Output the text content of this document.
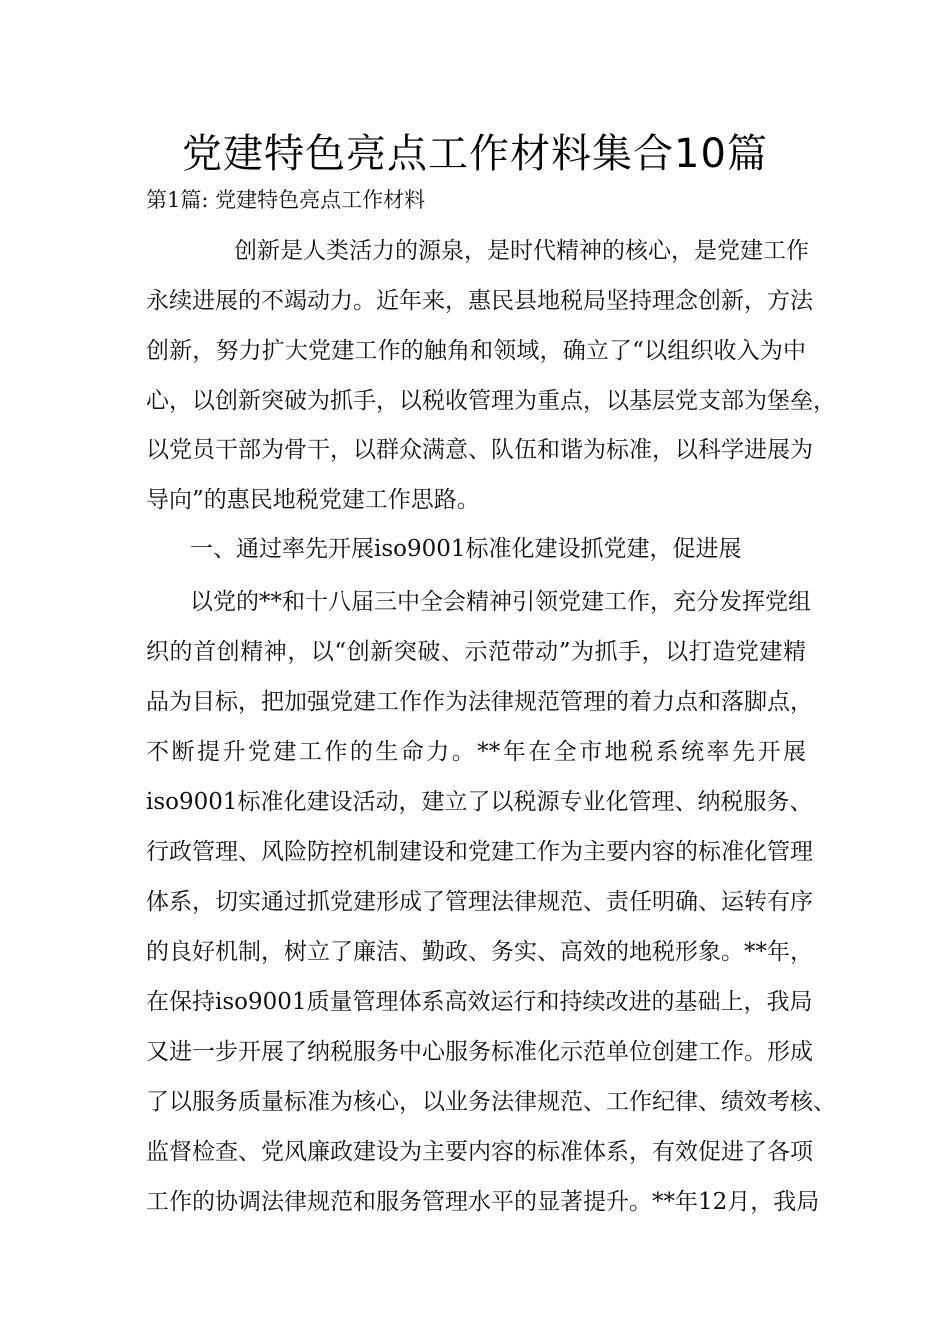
党建特色亮点工作材料集合10篇
第1篇: 党建特色亮点工作材料
创新是人类活力的源泉，是时代精神的核心，是党建工作
永续进展的不竭动力。近年来，惠民县地税局坚持理念创新，方法
创新，努力扩大党建工作的触角和领域，确立了“以组织收入为中
心，以创新突破为抓手，以税收管理为重点，以基层党支部为堡垒，
以党员干部为骨干，以群众满意、队伍和谐为标准，以科学进展为
导向”的惠民地税党建工作思路。
一、通过率先开展iso9001标准化建设抓党建，促进展
以党的**和十八届三中全会精神引领党建工作，充分发挥党组
织的首创精神，以“创新突破、示范带动”为抓手，以打造党建精
品为目标，把加强党建工作作为法律规范管理的着力点和落脚点，
不断提升党建工作的生命力。**年在全市地税系统率先开展
iso9001标准化建设活动，建立了以税源专业化管理、纳税服务、
行政管理、风险防控机制建设和党建工作为主要内容的标准化管理
体系，切实通过抓党建形成了管理法律规范、责任明确、运转有序
的良好机制，树立了廉洁、勤政、务实、高效的地税形象。**年，
在保持iso9001质量管理体系高效运行和持续改进的基础上，我局
又进一步开展了纳税服务中心服务标准化示范单位创建工作。形成
了以服务质量标准为核心，以业务法律规范、工作纪律、绩效考核、
监督检查、党风廉政建设为主要内容的标准体系，有效促进了各项
工作的协调法律规范和服务管理水平的显著提升。**年12月，我局
